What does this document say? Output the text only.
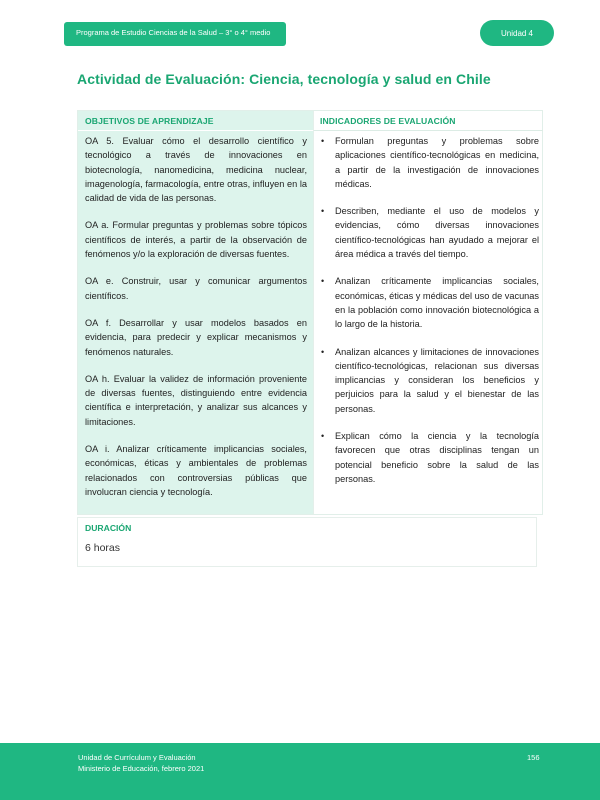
Programa de Estudio Ciencias de la Salud – 3° o 4° medio	Unidad 4
Actividad de Evaluación: Ciencia, tecnología y salud en Chile
OBJETIVOS DE APRENDIZAJE
OA 5. Evaluar cómo el desarrollo científico y tecnológico a través de innovaciones en biotecnología, nanomedicina, medicina nuclear, imagenología, farmacología, entre otras, influyen en la calidad de vida de las personas.
OA a. Formular preguntas y problemas sobre tópicos científicos de interés, a partir de la observación de fenómenos y/o la exploración de diversas fuentes.
OA e. Construir, usar y comunicar argumentos científicos.
OA f. Desarrollar y usar modelos basados en evidencia, para predecir y explicar mecanismos y fenómenos naturales.
OA h. Evaluar la validez de información proveniente de diversas fuentes, distinguiendo entre evidencia científica e interpretación, y analizar sus alcances y limitaciones.
OA i. Analizar críticamente implicancias sociales, económicas, éticas y ambientales de problemas relacionados con controversias públicas que involucran ciencia y tecnología.
INDICADORES DE EVALUACIÓN
• Formulan preguntas y problemas sobre aplicaciones científico-tecnológicas en medicina, a partir de la investigación de innovaciones médicas.
• Describen, mediante el uso de modelos y evidencias, cómo diversas innovaciones científico-tecnológicas han ayudado a mejorar el área médica a través del tiempo.
• Analizan críticamente implicancias sociales, económicas, éticas y médicas del uso de vacunas en la población como innovación biotecnológica a lo largo de la historia.
• Analizan alcances y limitaciones de innovaciones científico-tecnológicas, relacionan sus diversas implicancias y consideran los beneficios y perjuicios para la salud y el bienestar de las personas.
• Explican cómo la ciencia y la tecnología favorecen que otras disciplinas tengan un potencial beneficio sobre la salud de las personas.
DURACIÓN
6 horas
Unidad de Currículum y Evaluación
Ministerio de Educación, febrero 2021
156
